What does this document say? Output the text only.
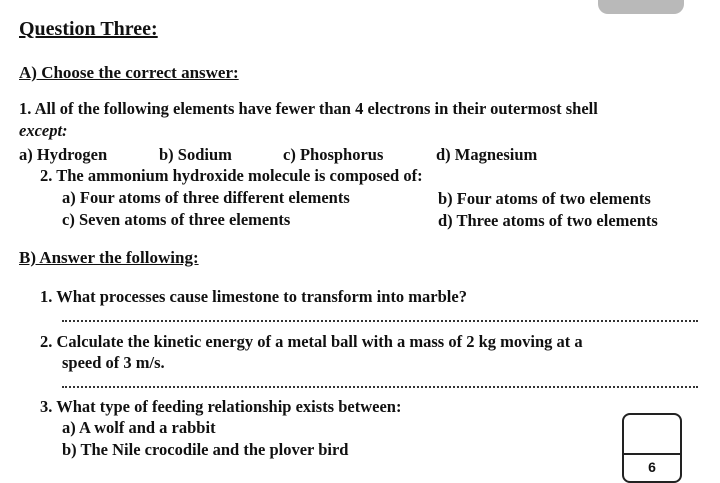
Question Three:
A) Choose the correct answer:
1. All of the following elements have fewer than 4 electrons in their outermost shell
except:
a) Hydrogen	b) Sodium	c) Phosphorus	d) Magnesium
2. The ammonium hydroxide molecule is composed of:
a) Four atoms of three different elements	b) Four atoms of two elements
c) Seven atoms of three elements	d) Three atoms of two elements
B) Answer the following:
1. What processes cause limestone to transform into marble?
2. Calculate the kinetic energy of a metal ball with a mass of 2 kg moving at a
speed of 3 m/s.
3. What type of feeding relationship exists between:
a) A wolf and a rabbit
b) The Nile crocodile and the plover bird
6
